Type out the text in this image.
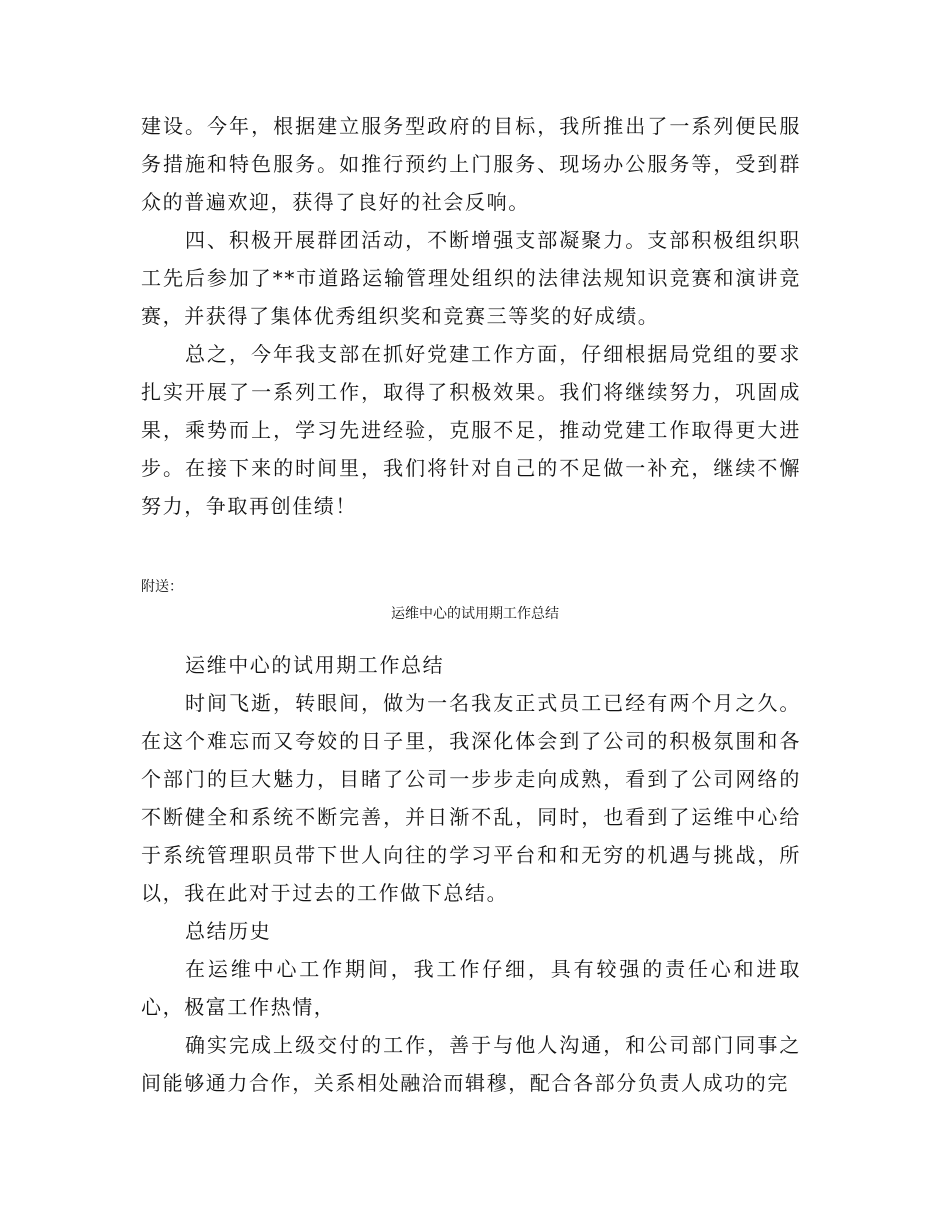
建设。今年，根据建立服务型政府的目标，我所推出了一系列便民服务措施和特色服务。如推行预约上门服务、现场办公服务等，受到群众的普遍欢迎，获得了良好的社会反响。

四、积极开展群团活动，不断增强支部凝聚力。支部积极组织职工先后参加了**市道路运输管理处组织的法律法规知识竞赛和演讲竞赛，并获得了集体优秀组织奖和竞赛三等奖的好成绩。

总之，今年我支部在抓好党建工作方面，仔细根据局党组的要求扎实开展了一系列工作，取得了积极效果。我们将继续努力，巩固成果，乘势而上，学习先进经验，克服不足，推动党建工作取得更大进步。在接下来的时间里，我们将针对自己的不足做一补充，继续不懈努力，争取再创佳绩！

附送：

运维中心的试用期工作总结

运维中心的试用期工作总结

时间飞逝，转眼间，做为一名我友正式员工已经有两个月之久。在这个难忘而又夸姣的日子里，我深化体会到了公司的积极氛围和各个部门的巨大魅力，目睹了公司一步步走向成熟，看到了公司网络的不断健全和系统不断完善，并日渐不乱，同时，也看到了运维中心给于系统管理职员带下世人向往的学习平台和和无穷的机遇与挑战，所以，我在此对于过去的工作做下总结。

总结历史

在运维中心工作期间，我工作仔细，具有较强的责任心和进取心，极富工作热情，

确实完成上级交付的工作，善于与他人沟通，和公司部门同事之间能够通力合作，关系相处融洽而辑穆，配合各部分负责人成功的完
